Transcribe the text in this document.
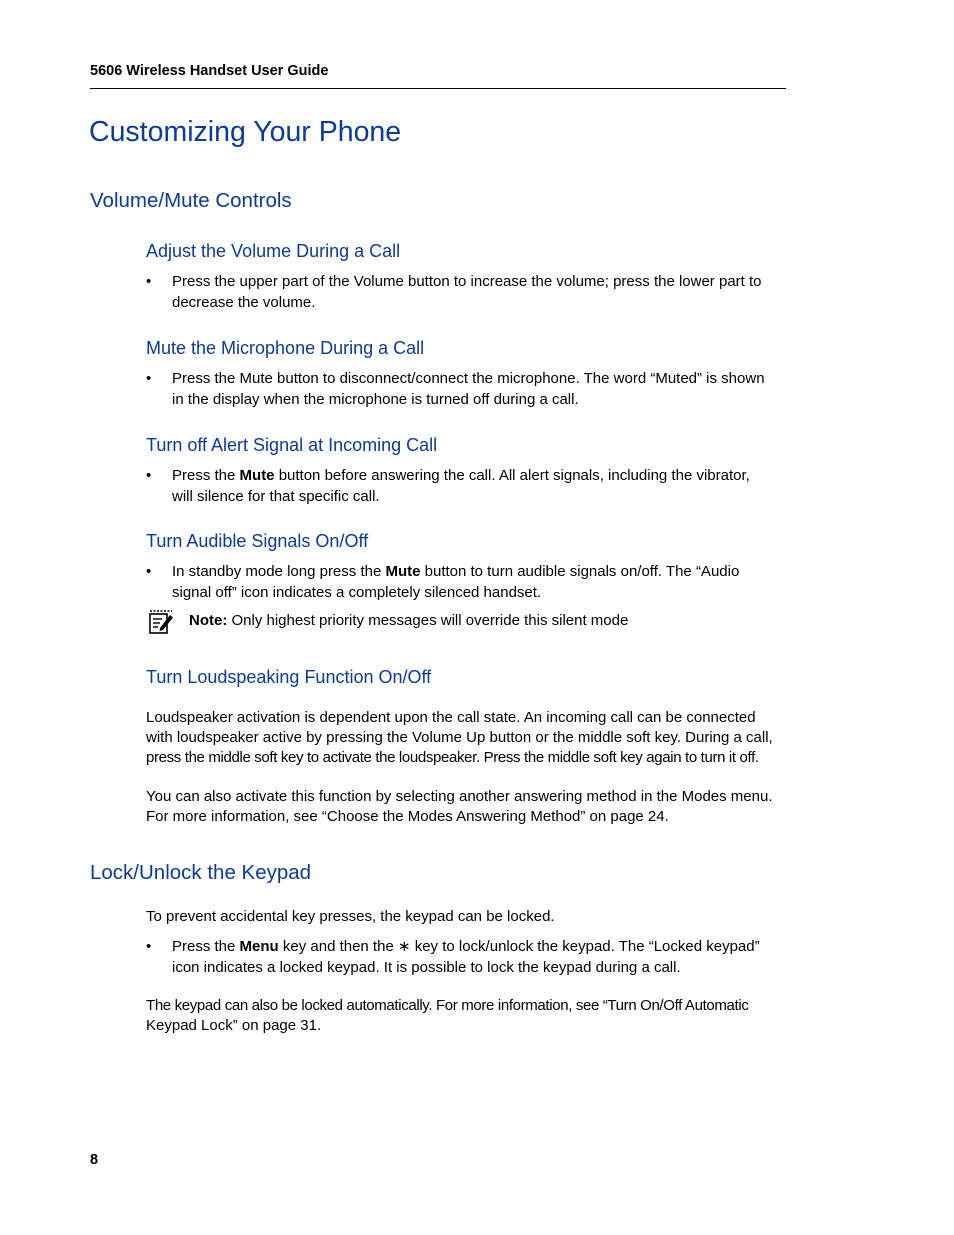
5606 Wireless Handset User Guide
Customizing Your Phone
Volume/Mute Controls
Adjust the Volume During a Call
•	Press the upper part of the Volume button to increase the volume; press the lower part to
decrease the volume.
Mute the Microphone During a Call
•	Press the Mute button to disconnect/connect the microphone. The word “Muted” is shown
in the display when the microphone is turned off during a call.
Turn off Alert Signal at Incoming Call
•	Press the Mute button before answering the call. All alert signals, including the vibrator,
will silence for that specific call.
Turn Audible Signals On/Off
•	In standby mode long press the Mute button to turn audible signals on/off. The “Audio
signal off” icon indicates a completely silenced handset.
Note: Only highest priority messages will override this silent mode
Turn Loudspeaking Function On/Off
Loudspeaker activation is dependent upon the call state. An incoming call can be connected
with loudspeaker active by pressing the Volume Up button or the middle soft key. During a call,
press the middle soft key to activate the loudspeaker. Press the middle soft key again to turn it off.
You can also activate this function by selecting another answering method in the Modes menu.
For more information, see “Choose the Modes Answering Method” on page 24.
Lock/Unlock the Keypad
To prevent accidental key presses, the keypad can be locked.
•	Press the Menu key and then the ∗ key to lock/unlock the keypad. The “Locked keypad”
icon indicates a locked keypad. It is possible to lock the keypad during a call.
The keypad can also be locked automatically. For more information, see “Turn On/Off Automatic
Keypad Lock” on page 31.
8
